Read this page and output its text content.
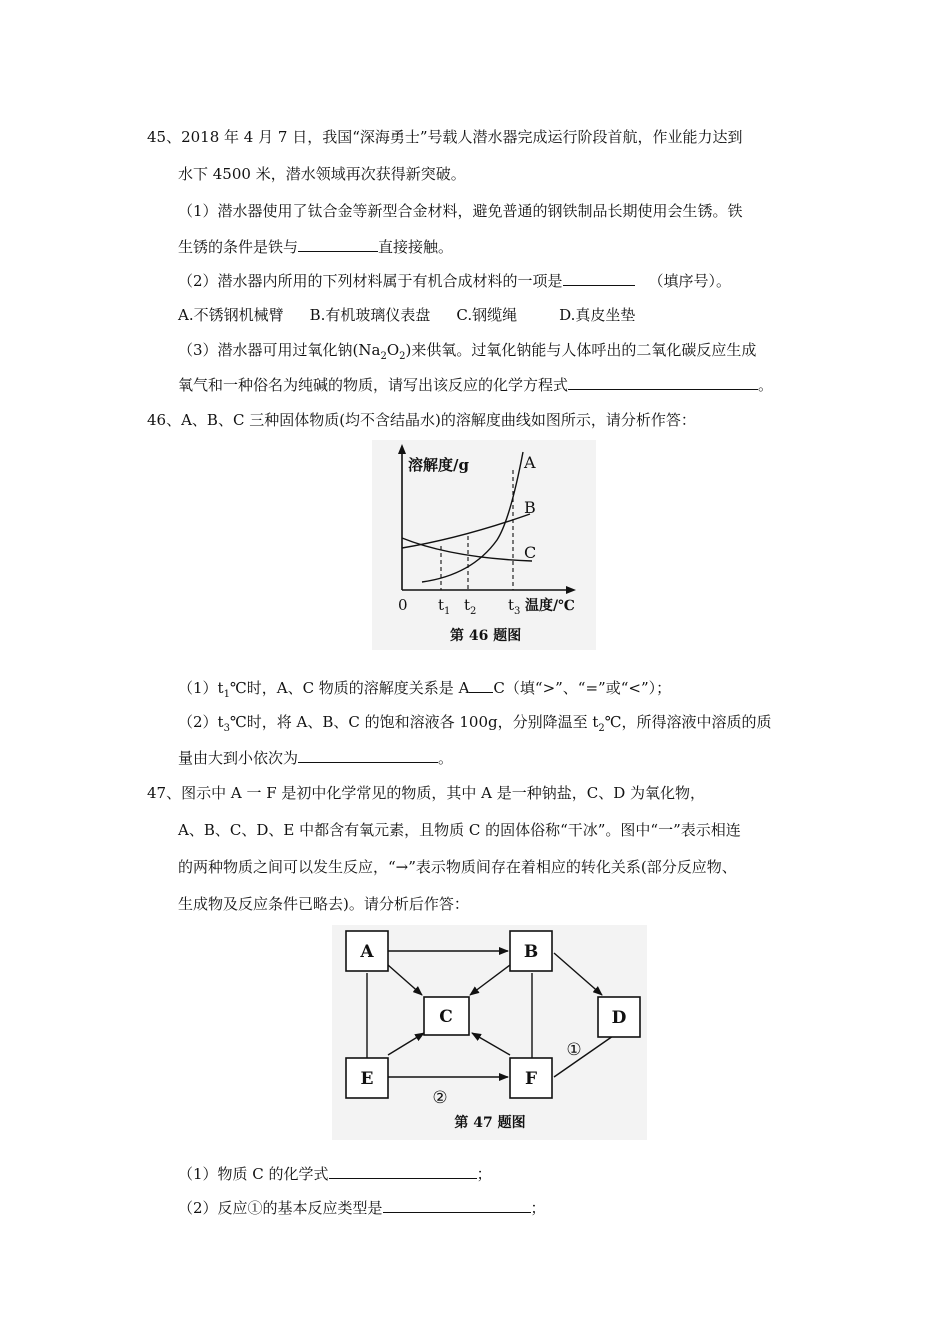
45、2018 年 4 月 7 日，我国“深海勇士”号载人潜水器完成运行阶段首航，作业能力达到
水下 4500 米，潜水领域再次获得新突破。
（1）潜水器使用了钛合金等新型合金材料，避免普通的钢铁制品长期使用会生锈。铁
生锈的条件是铁与	直接接触。
（2）潜水器内所用的下列材料属于有机合成材料的一项是	（填序号）。
A.不锈钢机械臂 B.有机玻璃仪表盘 C.钢缆绳	D.真皮坐垫
（3）潜水器可用过氧化钠$(Na_2O_2)$来供氧。过氧化钠能与人体呼出的二氧化碳反应生成
氧气和一种俗名为纯碱的物质，请写出该反应的化学方程式	。
46、A、B、C 三种固体物质(均不含结晶水)的溶解度曲线如图所示，请分析作答：
溶解度/g	A
B
C
0 $t_1$ $t_2$ $t_3$ 温度/℃
第 46 题图
$(1)t_1℃$时，A、C 物质的溶解度关系是 A C（填“>”、“=”或“<”）；
$(2)t_3℃$时，将 A、B、C 的饱和溶液各 100g，分别降温至 $t_2℃$，所得溶液中溶质的质
量由大到小依次为	。
47、图示中 A 一 F 是初中化学常见的物质，其中 A 是一种钠盐，C、D 为氧化物，
A、B、C、D、E 中都含有氧元素，且物质 C 的固体俗称“干冰”。图中“一”表示相连
的两种物质之间可以发生反应，“→”表示物质间存在着相应的转化关系(部分反应物、
生成物及反应条件已略去)。请分析后作答：
A	B
C	D
E	F
①
②
第 47 题图
（1）物质 C 的化学式	；
（2）反应①的基本反应类型是	；
